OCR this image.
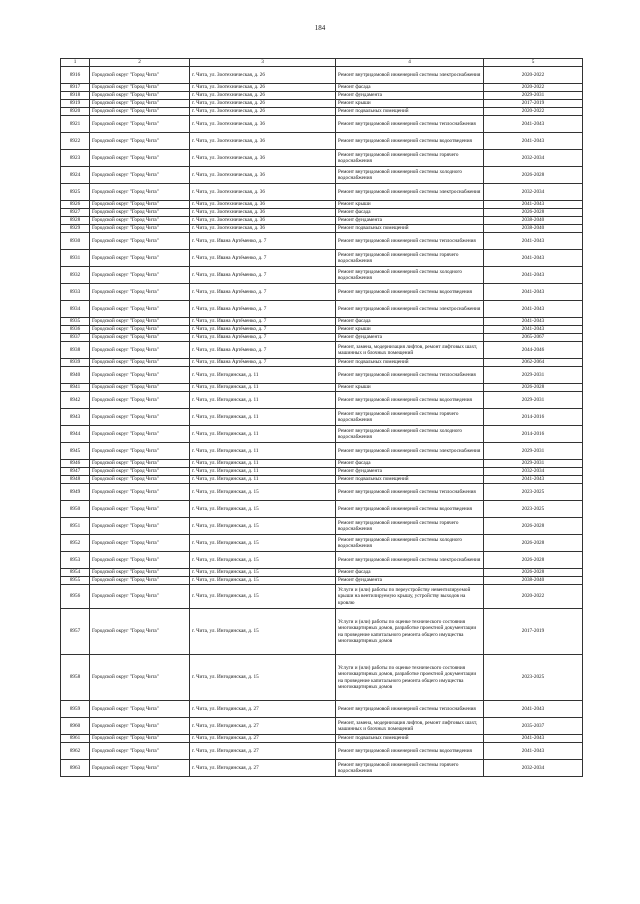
184
1	2	3	4	5
8916	Городской округ "Город Чита"	г. Чита, ул. Зоотехническая, д. 26	Ремонт внутридомовой инженерной системы электроснабжения	2020-2022
8917	Городской округ "Город Чита"	г. Чита, ул. Зоотехническая, д. 26	Ремонт фасада	2020-2022
8918	Городской округ "Город Чита"	г. Чита, ул. Зоотехническая, д. 26	Ремонт фундамента	2029-2031
8919	Городской округ "Город Чита"	г. Чита, ул. Зоотехническая, д. 26	Ремонт крыши	2017-2019
8920	Городской округ "Город Чита"	г. Чита, ул. Зоотехническая, д. 26	Ремонт подвальных помещений	2020-2022
8921	Городской округ "Город Чита"	г. Чита, ул. Зоотехническая, д. 36	Ремонт внутридомовой инженерной системы теплоснабжения	2041-2043
8922	Городской округ "Город Чита"	г. Чита, ул. Зоотехническая, д. 36	Ремонт внутридомовой инженерной системы водоотведения	2041-2043
8923	Городской округ "Город Чита"	г. Чита, ул. Зоотехническая, д. 36	Ремонт внутридомовой инженерной системы горячего водоснабжения	2032-2034
8924	Городской округ "Город Чита"	г. Чита, ул. Зоотехническая, д. 36	Ремонт внутридомовой инженерной системы холодного водоснабжения	2026-2028
8925	Городской округ "Город Чита"	г. Чита, ул. Зоотехническая, д. 36	Ремонт внутридомовой инженерной системы электроснабжения	2032-2034
8926	Городской округ "Город Чита"	г. Чита, ул. Зоотехническая, д. 36	Ремонт крыши	2041-2043
8927	Городской округ "Город Чита"	г. Чита, ул. Зоотехническая, д. 36	Ремонт фасада	2026-2028
8928	Городской округ "Город Чита"	г. Чита, ул. Зоотехническая, д. 36	Ремонт фундамента	2038-2040
8929	Городской округ "Город Чита"	г. Чита, ул. Зоотехническая, д. 36	Ремонт подвальных помещений	2038-2040
8930	Городской округ "Город Чита"	г. Чита, ул. Ивана Артёменко, д. 7	Ремонт внутридомовой инженерной системы теплоснабжения	2041-2043
8931	Городской округ "Город Чита"	г. Чита, ул. Ивана Артёменко, д. 7	Ремонт внутридомовой инженерной системы горячего водоснабжения	2041-2043
8932	Городской округ "Город Чита"	г. Чита, ул. Ивана Артёменко, д. 7	Ремонт внутридомовой инженерной системы холодного водоснабжения	2041-2043
8933	Городской округ "Город Чита"	г. Чита, ул. Ивана Артёменко, д. 7	Ремонт внутридомовой инженерной системы водоотведения	2041-2043
8934	Городской округ "Город Чита"	г. Чита, ул. Ивана Артёменко, д. 7	Ремонт внутридомовой инженерной системы электроснабжения	2041-2043
8935	Городской округ "Город Чита"	г. Чита, ул. Ивана Артёменко, д. 7	Ремонт фасада	2041-2043
8936	Городской округ "Город Чита"	г. Чита, ул. Ивана Артёменко, д. 7	Ремонт крыши	2041-2043
8937	Городской округ "Город Чита"	г. Чита, ул. Ивана Артёменко, д. 7	Ремонт фундамента	2065-2067
8938	Городской округ "Город Чита"	г. Чита, ул. Ивана Артёменко, д. 7	Ремонт, замена, модернизация лифтов, ремонт лифтовых шахт, машинных и блочных помещений	2044-2046
8939	Городской округ "Город Чита"	г. Чита, ул. Ивана Артёменко, д. 7	Ремонт подвальных помещений	2062-2064
8940	Городской округ "Город Чита"	г. Чита, ул. Ингодинская, д. 11	Ремонт внутридомовой инженерной системы теплоснабжения	2029-2031
8941	Городской округ "Город Чита"	г. Чита, ул. Ингодинская, д. 11	Ремонт крыши	2026-2028
8942	Городской округ "Город Чита"	г. Чита, ул. Ингодинская, д. 11	Ремонт внутридомовой инженерной системы водоотведения	2029-2031
8943	Городской округ "Город Чита"	г. Чита, ул. Ингодинская, д. 11	Ремонт внутридомовой инженерной системы горячего водоснабжения	2014-2016
8944	Городской округ "Город Чита"	г. Чита, ул. Ингодинская, д. 11	Ремонт внутридомовой инженерной системы холодного водоснабжения	2014-2016
8945	Городской округ "Город Чита"	г. Чита, ул. Ингодинская, д. 11	Ремонт внутридомовой инженерной системы электроснабжения	2029-2031
8946	Городской округ "Город Чита"	г. Чита, ул. Ингодинская, д. 11	Ремонт фасада	2029-2031
8947	Городской округ "Город Чита"	г. Чита, ул. Ингодинская, д. 11	Ремонт фундамента	2032-2034
8948	Городской округ "Город Чита"	г. Чита, ул. Ингодинская, д. 11	Ремонт подвальных помещений	2041-2043
8949	Городской округ "Город Чита"	г. Чита, ул. Ингодинская, д. 15	Ремонт внутридомовой инженерной системы теплоснабжения	2023-2025
8950	Городской округ "Город Чита"	г. Чита, ул. Ингодинская, д. 15	Ремонт внутридомовой инженерной системы водоотведения	2023-2025
8951	Городской округ "Город Чита"	г. Чита, ул. Ингодинская, д. 15	Ремонт внутридомовой инженерной системы горячего водоснабжения	2026-2028
8952	Городской округ "Город Чита"	г. Чита, ул. Ингодинская, д. 15	Ремонт внутридомовой инженерной системы холодного водоснабжения	2026-2028
8953	Городской округ "Город Чита"	г. Чита, ул. Ингодинская, д. 15	Ремонт внутридомовой инженерной системы электроснабжения	2026-2028
8954	Городской округ "Город Чита"	г. Чита, ул. Ингодинская, д. 15	Ремонт фасада	2026-2028
8955	Городской округ "Город Чита"	г. Чита, ул. Ингодинская, д. 15	Ремонт фундамента	2038-2040
8956	Городской округ "Город Чита"	г. Чита, ул. Ингодинская, д. 15	Услуги и (или) работы по переустройству невентилируемой крыши на вентилируемую крышу, устройству выходов на кровлю	2020-2022
8957	Городской округ "Город Чита"	г. Чита, ул. Ингодинская, д. 15	Услуги и (или) работы по оценке технического состояния многоквартирных домов, разработке проектной документации на проведение капитального ремонта общего имущества многоквартирных домов	2017-2019
8958	Городской округ "Город Чита"	г. Чита, ул. Ингодинская, д. 15	Услуги и (или) работы по оценке технического состояния многоквартирных домов, разработке проектной документации на проведение капитального ремонта общего имущества многоквартирных домов	2023-2025
8959	Городской округ "Город Чита"	г. Чита, ул. Ингодинская, д. 27	Ремонт внутридомовой инженерной системы теплоснабжения	2041-2043
8960	Городской округ "Город Чита"	г. Чита, ул. Ингодинская, д. 27	Ремонт, замена, модернизация лифтов, ремонт лифтовых шахт, машинных и блочных помещений	2035-2037
8961	Городской округ "Город Чита"	г. Чита, ул. Ингодинская, д. 27	Ремонт подвальных помещений	2041-2043
8962	Городской округ "Город Чита"	г. Чита, ул. Ингодинская, д. 27	Ремонт внутридомовой инженерной системы водоотведения	2041-2043
8963	Городской округ "Город Чита"	г. Чита, ул. Ингодинская, д. 27	Ремонт внутридомовой инженерной системы горячего водоснабжения	2032-2034
